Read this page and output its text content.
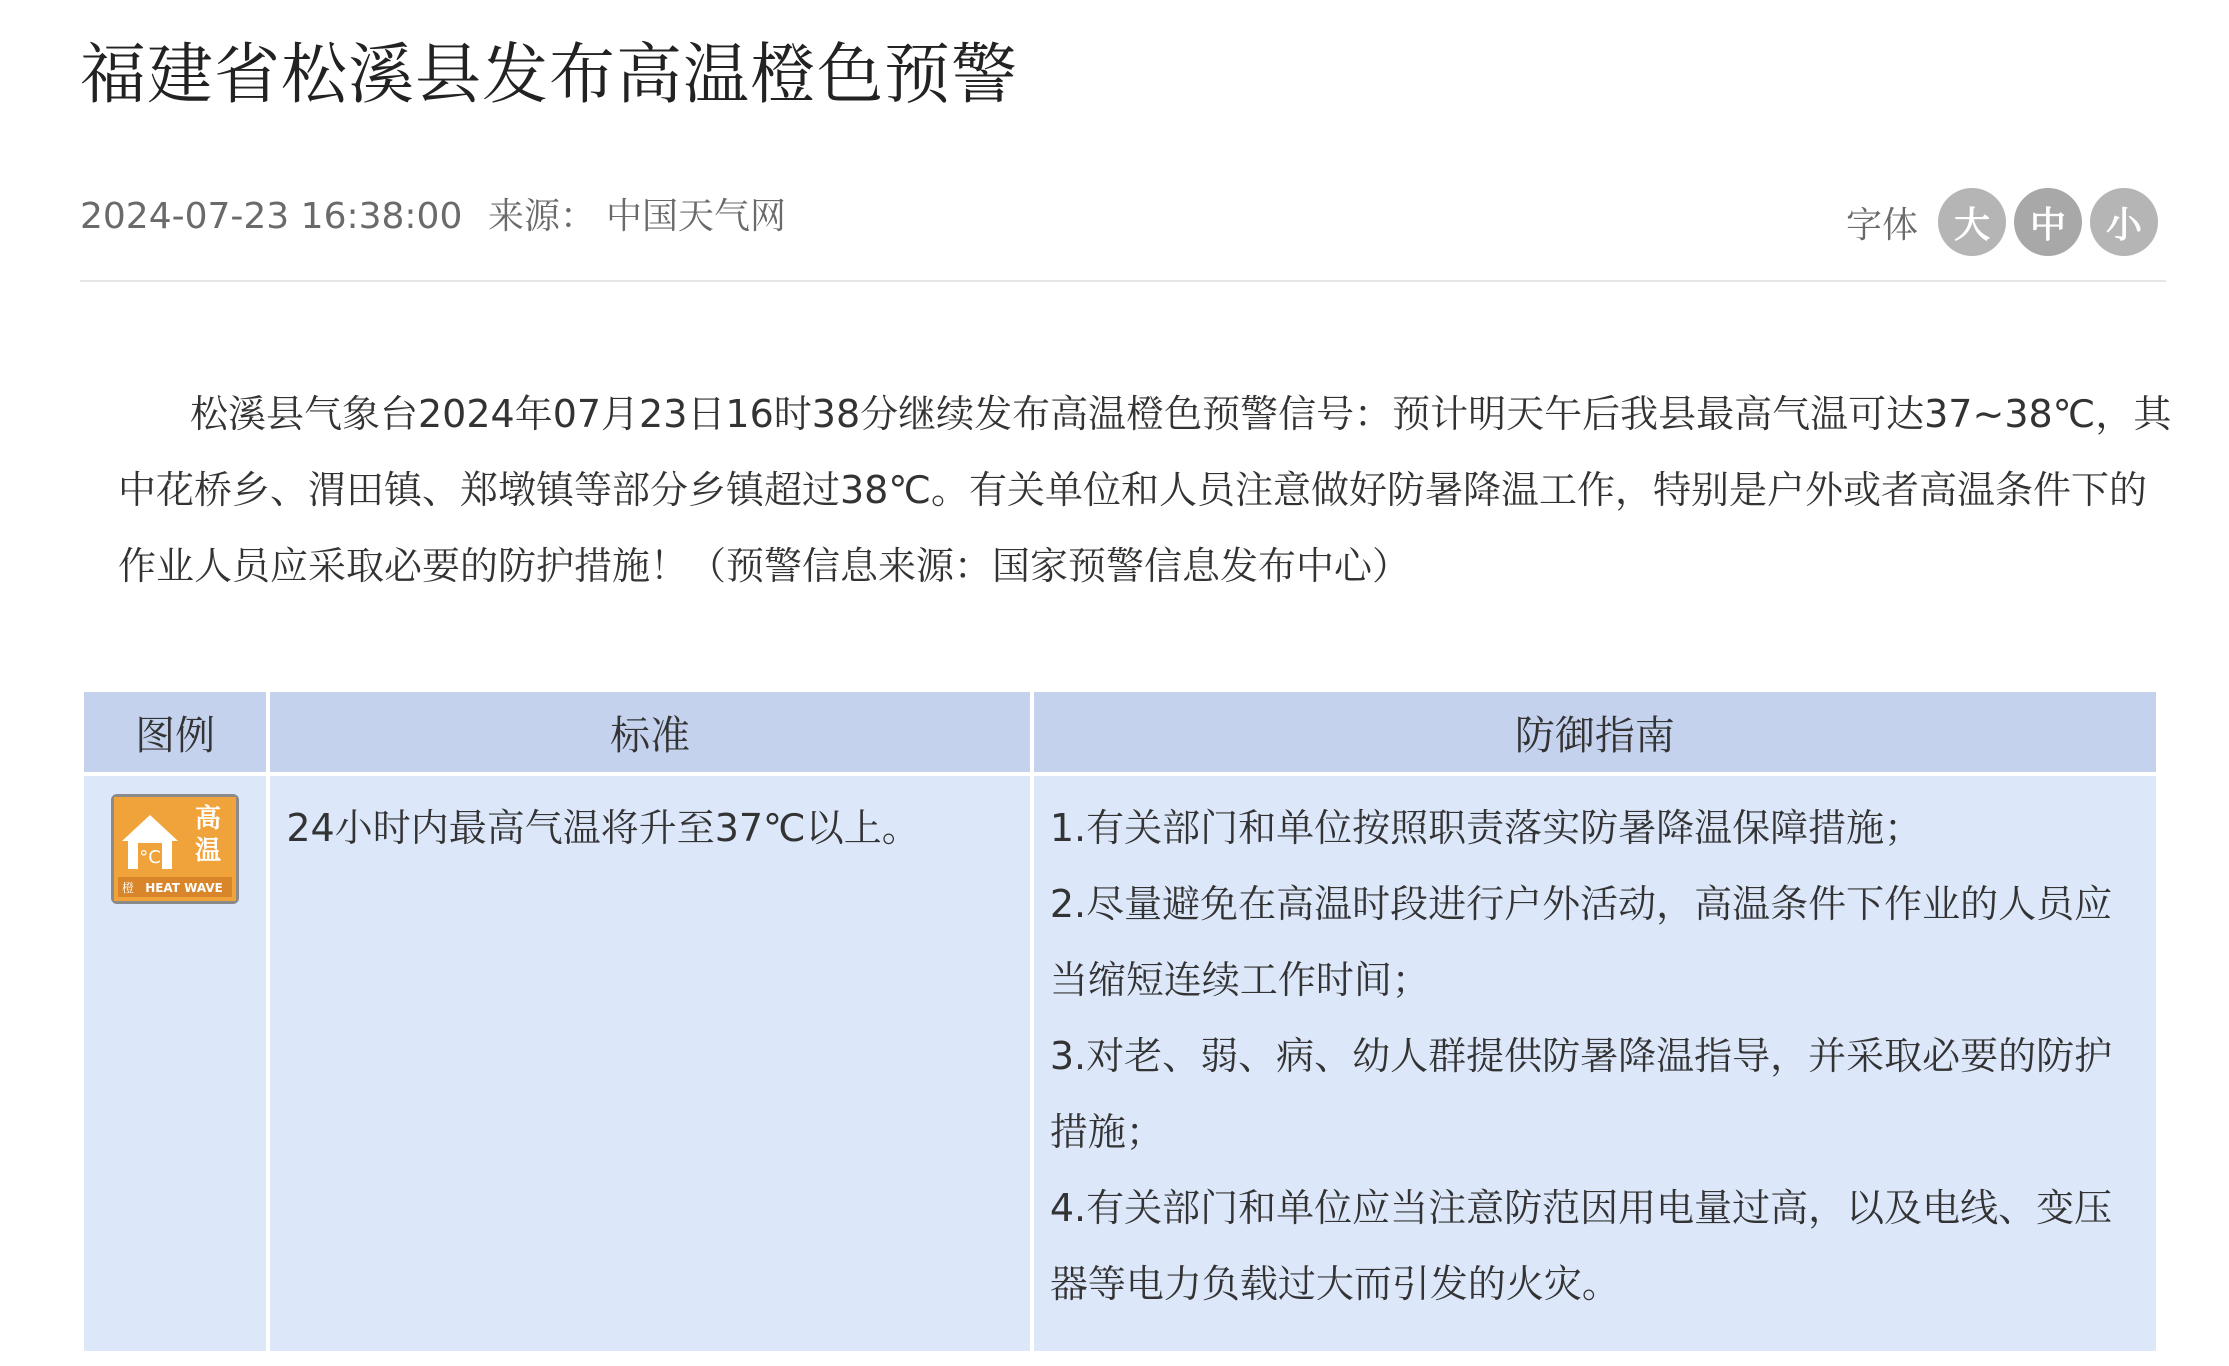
福建省松溪县发布高温橙色预警
2024-07-23 16:38:00 来源： 中国天气网	字体 大	中	小
松溪县气象台2024年07月23日16时38分继续发布高温橙色预警信号：预计明天午后我县最高气温可达37~38℃，其中花桥乡、渭田镇、郑墩镇等部分乡镇超过38℃。有关单位和人员注意做好防暑降温工作，特别是户外或者高温条件下的作业人员应采取必要的防护措施！（预警信息来源：国家预警信息发布中心）
图例	标准	防御指南

°C
高
温
橙 HEAT WAVE	24小时内最高气温将升至37℃以上。	1.有关部门和单位按照职责落实防暑降温保障措施；
2.尽量避免在高温时段进行户外活动，高温条件下作业的人员应当缩短连续工作时间；
3.对老、弱、病、幼人群提供防暑降温指导，并采取必要的防护措施；
4.有关部门和单位应当注意防范因用电量过高，以及电线、变压器等电力负载过大而引发的火灾。
